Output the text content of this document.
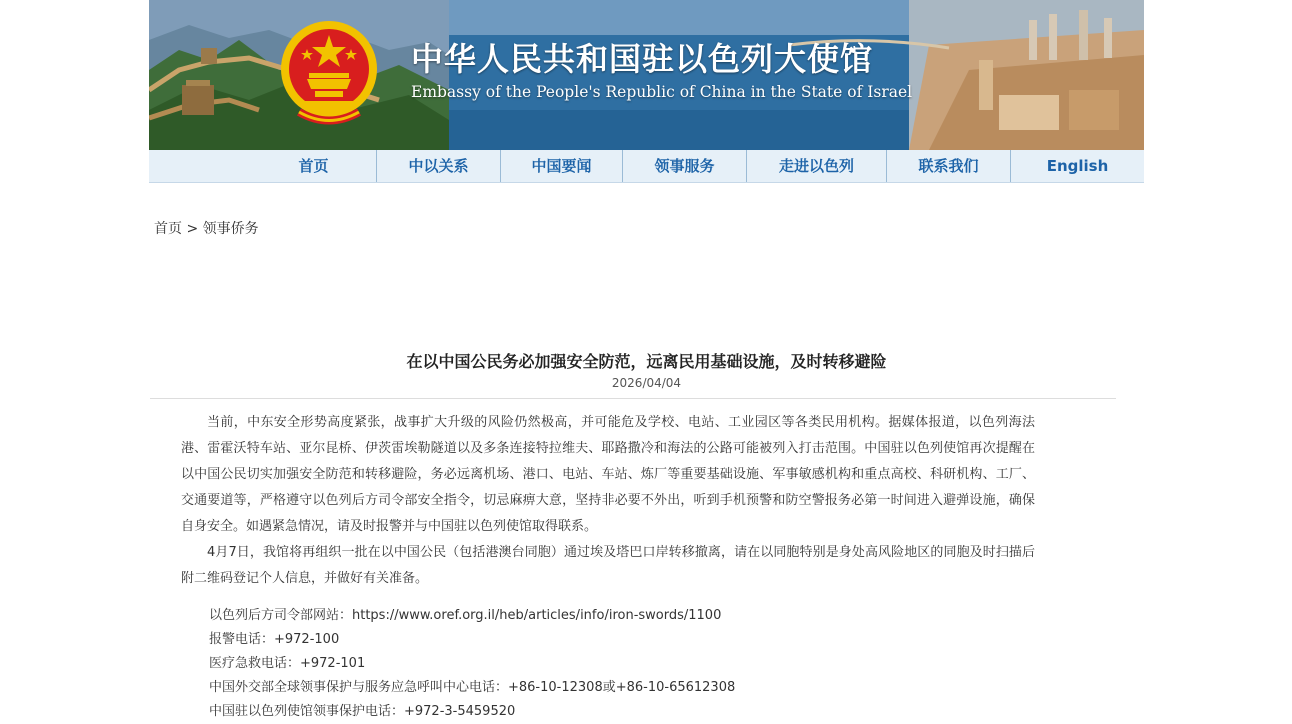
中华人民共和国驻以色列大使馆
Embassy of the People's Republic of China in the State of Israel
首页	中以关系	中国要闻	领事服务	走进以色列	联系我们	English
首页 > 领事侨务
在以中国公民务必加强安全防范，远离民用基础设施，及时转移避险
2026/04/04

当前，中东安全形势高度紧张，战事扩大升级的风险仍然极高，并可能危及学校、电站、工业园区等各类民用机构。据媒体报道，以色列海法港、雷霍沃特车站、亚尔昆桥、伊茨雷埃勒隧道以及多条连接特拉维夫、耶路撒冷和海法的公路可能被列入打击范围。中国驻以色列使馆再次提醒在以中国公民切实加强安全防范和转移避险，务必远离机场、港口、电站、车站、炼厂等重要基础设施、军事敏感机构和重点高校、科研机构、工厂、交通要道等，严格遵守以色列后方司令部安全指令，切忌麻痹大意，坚持非必要不外出，听到手机预警和防空警报务必第一时间进入避弹设施，确保自身安全。如遇紧急情况，请及时报警并与中国驻以色列使馆取得联系。

4月7日，我馆将再组织一批在以中国公民（包括港澳台同胞）通过埃及塔巴口岸转移撤离，请在以同胞特别是身处高风险地区的同胞及时扫描后附二维码登记个人信息，并做好有关准备。

以色列后方司令部网站：https://www.oref.org.il/heb/articles/info/iron-swords/1100
报警电话：+972-100
医疗急救电话：+972-101
中国外交部全球领事保护与服务应急呼叫中心电话：+86-10-12308或+86-10-65612308
中国驻以色列使馆领事保护电话：+972-3-5459520
